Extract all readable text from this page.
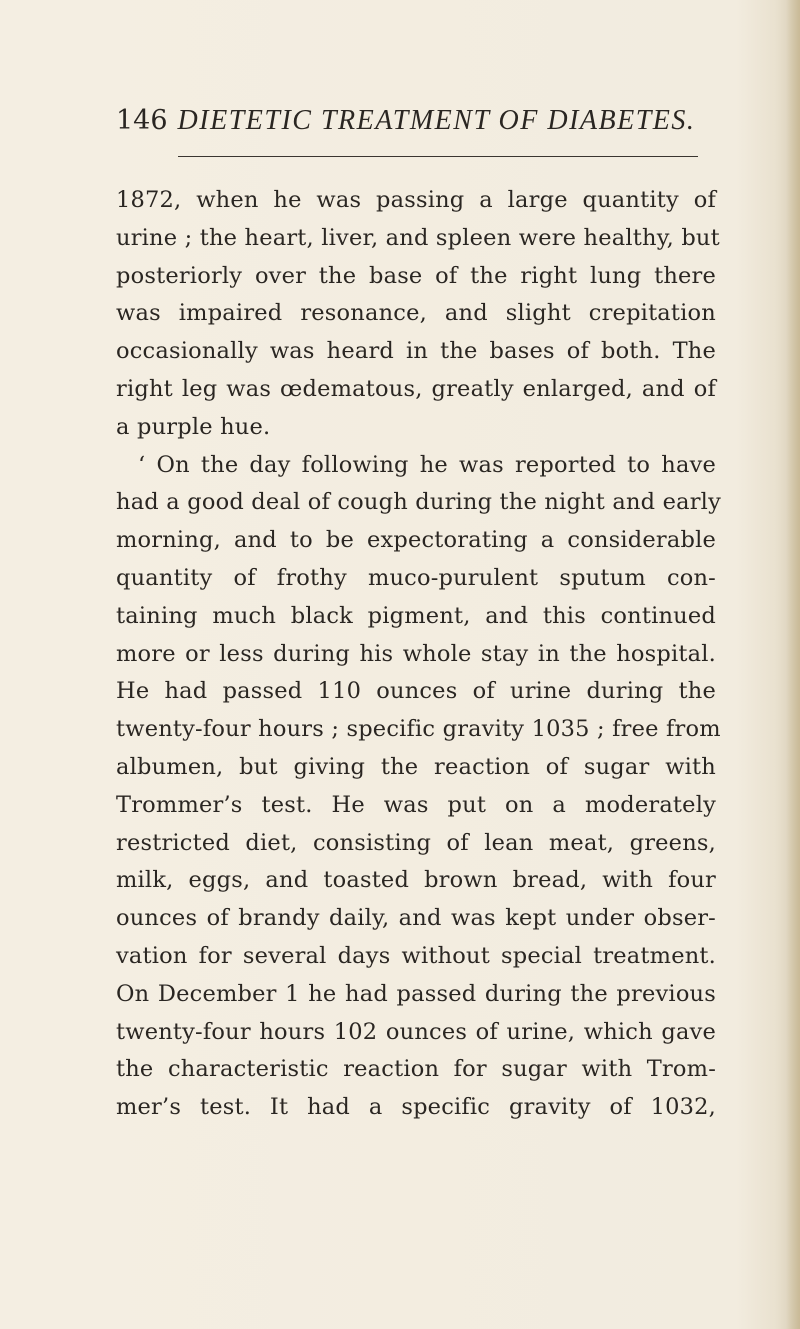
146 DIETETIC TREATMENT OF DIABETES.
1872, when he was passing a large quantity of
urine ; the heart, liver, and spleen were healthy, but
posteriorly over the base of the right lung there
was impaired resonance, and slight crepitation
occasionally was heard in the bases of both. The
right leg was œdematous, greatly enlarged, and of
a purple hue.
‘ On the day following he was reported to have
had a good deal of cough during the night and early
morning, and to be expectorating a considerable
quantity of frothy muco-purulent sputum con-
taining much black pigment, and this continued
more or less during his whole stay in the hospital.
He had passed 110 ounces of urine during the
twenty-four hours ; specific gravity 1035 ; free from
albumen, but giving the reaction of sugar with
Trommer’s test. He was put on a moderately
restricted diet, consisting of lean meat, greens,
milk, eggs, and toasted brown bread, with four
ounces of brandy daily, and was kept under obser-
vation for several days without special treatment.
On December 1 he had passed during the previous
twenty-four hours 102 ounces of urine, which gave
the characteristic reaction for sugar with Trom-
mer’s test. It had a specific gravity of 1032,
